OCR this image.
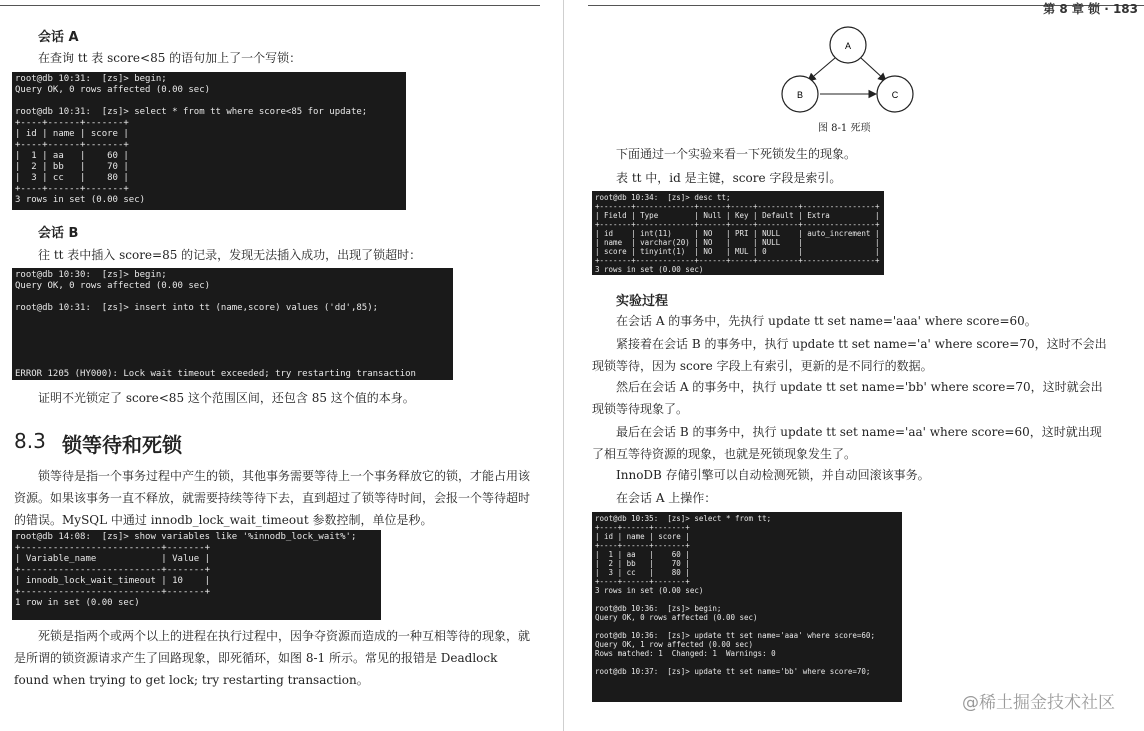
会话 A
在查询 tt 表 score<85 的语句加上了一个写锁：
root@db 10:31:  [zs]> begin;
Query OK, 0 rows affected (0.00 sec)
root@db 10:31:  [zs]> select * from tt where score<85 for update;
+----+------+-------+
| id | name | score |
+----+------+-------+
|  1 | aa   |    60 |
|  2 | bb   |    70 |
|  3 | cc   |    80 |
+----+------+-------+
3 rows in set (0.00 sec)
会话 B
往 tt 表中插入 score=85 的记录，发现无法插入成功，出现了锁超时：
root@db 10:30:  [zs]> begin;
Query OK, 0 rows affected (0.00 sec)
root@db 10:31:  [zs]> insert into tt (name,score) values ('dd',85);
ERROR 1205 (HY000): Lock wait timeout exceeded; try restarting transaction
证明不光锁定了 score<85 这个范围区间，还包含 85 这个值的本身。
8.3 锁等待和死锁
锁等待是指一个事务过程中产生的锁，其他事务需要等待上一个事务释放它的锁，才能占用该资源。如果该事务一直不释放，就需要持续等待下去，直到超过了锁等待时间，会报一个等待超时的错误。MySQL 中通过 innodb_lock_wait_timeout 参数控制，单位是秒。
root@db 14:08:  [zs]> show variables like '%innodb_lock_wait%';
+--------------------------+-------+
| Variable_name            | Value |
+--------------------------+-------+
| innodb_lock_wait_timeout | 10    |
+--------------------------+-------+
1 row in set (0.00 sec)
死锁是指两个或两个以上的进程在执行过程中，因争夺资源而造成的一种互相等待的现象，就是所谓的锁资源请求产生了回路现象，即死循环，如图 8-1 所示。常见的报错是 Deadlock found when trying to get lock; try restarting transaction。
第 8 章 锁 · 183
A
B	C
图 8-1 死琐
下面通过一个实验来看一下死锁发生的现象。
表 tt 中，id 是主键，score 字段是索引。
root@db 10:34:  [zs]> desc tt;
+-------+-------------+------+-----+---------+----------------+
| Field | Type        | Null | Key | Default | Extra          |
+-------+-------------+------+-----+---------+----------------+
| id    | int(11)     | NO   | PRI | NULL    | auto_increment |
| name  | varchar(20) | NO   |     | NULL    |                |
| score | tinyint(1)  | NO   | MUL | 0       |                |
+-------+-------------+------+-----+---------+----------------+
3 rows in set (0.00 sec)
实验过程
在会话 A 的事务中，先执行 update tt set name='aaa' where score=60。
紧接着在会话 B 的事务中，执行 update tt set name='a' where score=70，这时不会出现锁等待，因为 score 字段上有索引，更新的是不同行的数据。
然后在会话 A 的事务中，执行 update tt set name='bb' where score=70，这时就会出现锁等待现象了。
最后在会话 B 的事务中，执行 update tt set name='aa' where score=60，这时就出现了相互等待资源的现象，也就是死锁现象发生了。
InnoDB 存储引擎可以自动检测死锁，并自动回滚该事务。
在会话 A 上操作：
root@db 10:35:  [zs]> select * from tt;
+----+------+-------+
| id | name | score |
+----+------+-------+
|  1 | aa   |    60 |
|  2 | bb   |    70 |
|  3 | cc   |    80 |
+----+------+-------+
3 rows in set (0.00 sec)
root@db 10:36:  [zs]> begin;
Query OK, 0 rows affected (0.00 sec)
root@db 10:36:  [zs]> update tt set name='aaa' where score=60;
Query OK, 1 row affected (0.00 sec)
Rows matched: 1  Changed: 1  Warnings: 0
root@db 10:37:  [zs]> update tt set name='bb' where score=70;
@稀土掘金技术社区
